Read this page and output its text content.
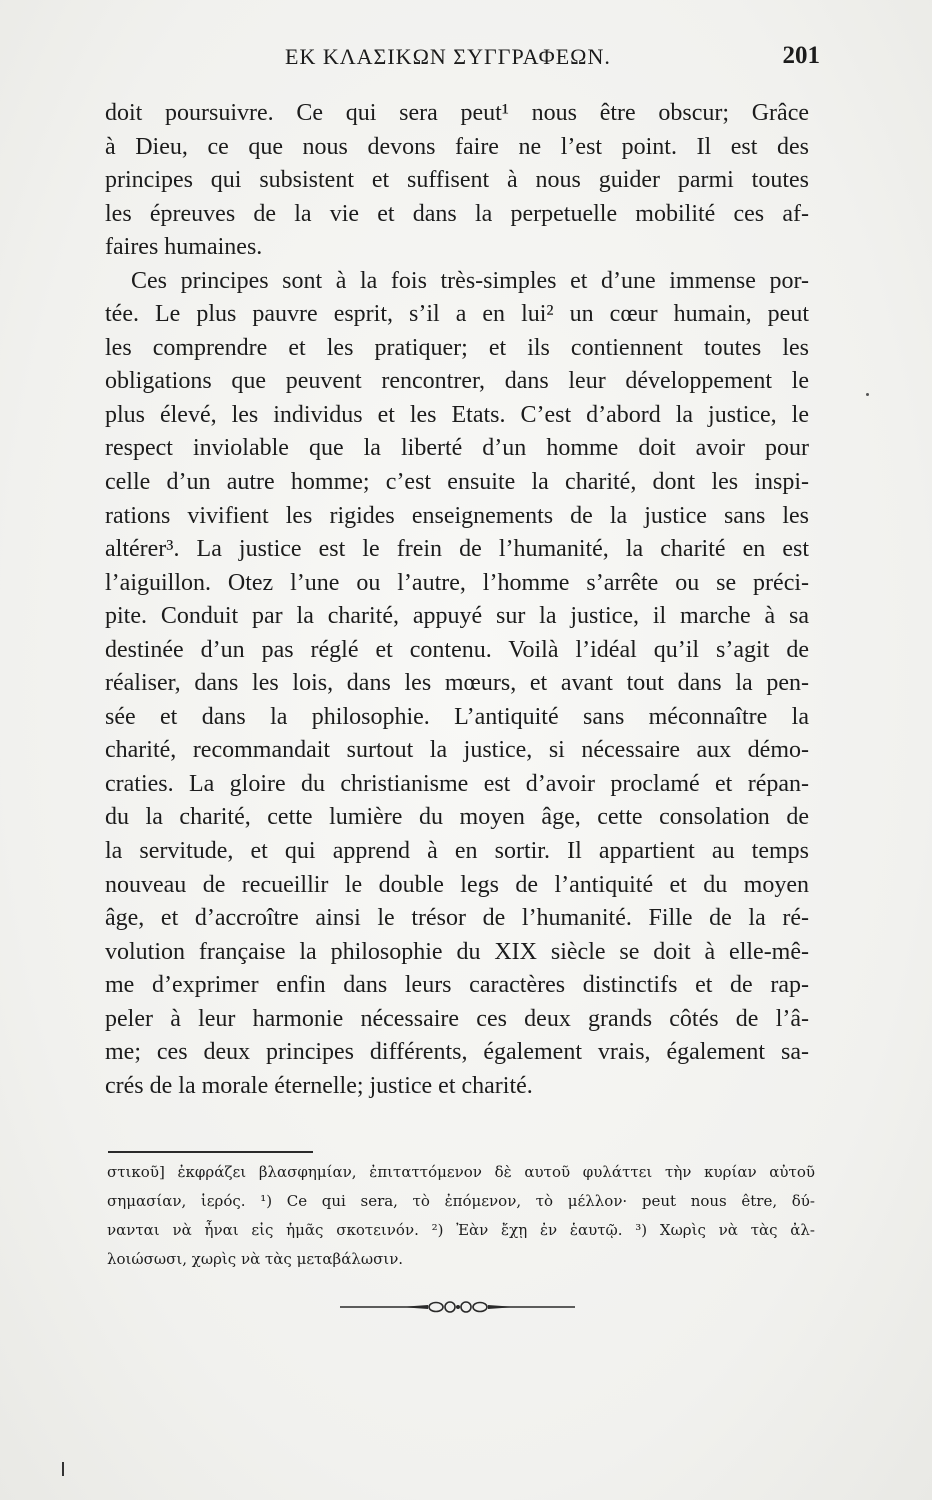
ΕΚ ΚΛΑΣΙΚΩΝ ΣΥΓΓΡΑΦΕΩΝ.	201
doit poursuivre. Ce qui sera peut¹ nous être obscur; Grâce
à Dieu, ce que nous devons faire ne l’est point. Il est des
principes qui subsistent et suffisent à nous guider parmi toutes
les épreuves de la vie et dans la perpetuelle mobilité ces af-
faires humaines.
Ces principes sont à la fois très-simples et d’une immense por-
tée. Le plus pauvre esprit, s’il a en lui² un cœur humain, peut
les comprendre et les pratiquer; et ils contiennent toutes les
obligations que peuvent rencontrer, dans leur développement le
plus élevé, les individus et les Etats. C’est d’abord la justice, le
respect inviolable que la liberté d’un homme doit avoir pour
celle d’un autre homme; c’est ensuite la charité, dont les inspi-
rations vivifient les rigides enseignements de la justice sans les
altérer³. La justice est le frein de l’humanité, la charité en est
l’aiguillon. Otez l’une ou l’autre, l’homme s’arrête ou se préci-
pite. Conduit par la charité, appuyé sur la justice, il marche à sa
destinée d’un pas réglé et contenu. Voilà l’idéal qu’il s’agit de
réaliser, dans les lois, dans les mœurs, et avant tout dans la pen-
sée et dans la philosophie. L’antiquité sans méconnaître la
charité, recommandait surtout la justice, si nécessaire aux démo-
craties. La gloire du christianisme est d’avoir proclamé et répan-
du la charité, cette lumière du moyen âge, cette consolation de
la servitude, et qui apprend à en sortir. Il appartient au temps
nouveau de recueillir le double legs de l’antiquité et du moyen
âge, et d’accroître ainsi le trésor de l’humanité. Fille de la ré-
volution française la philosophie du XIX siècle se doit à elle-mê-
me d’exprimer enfin dans leurs caractères distinctifs et de rap-
peler à leur harmonie nécessaire ces deux grands côtés de l’â-
me; ces deux principes différents, également vrais, également sa-
crés de la morale éternelle; justice et charité.
στικοῦ] ἐκφράζει βλασφημίαν, ἐπιταττόμενον δὲ αυτοῦ φυλάττει τὴν κυρίαν αὐτοῦ
σημασίαν, ἱερός. ¹) Ce qui sera, τὸ ἐπόμενον, τὸ μέλλον· peut nous être, δύ-
νανται νὰ ἦναι εἰς ἡμᾶς σκοτεινόν. ²) Ἐὰν ἔχῃ ἐν ἑαυτῷ. ³) Χωρὶς νὰ τὰς ἀλ-
λοιώσωσι, χωρὶς νὰ τὰς μεταβάλωσιν.
